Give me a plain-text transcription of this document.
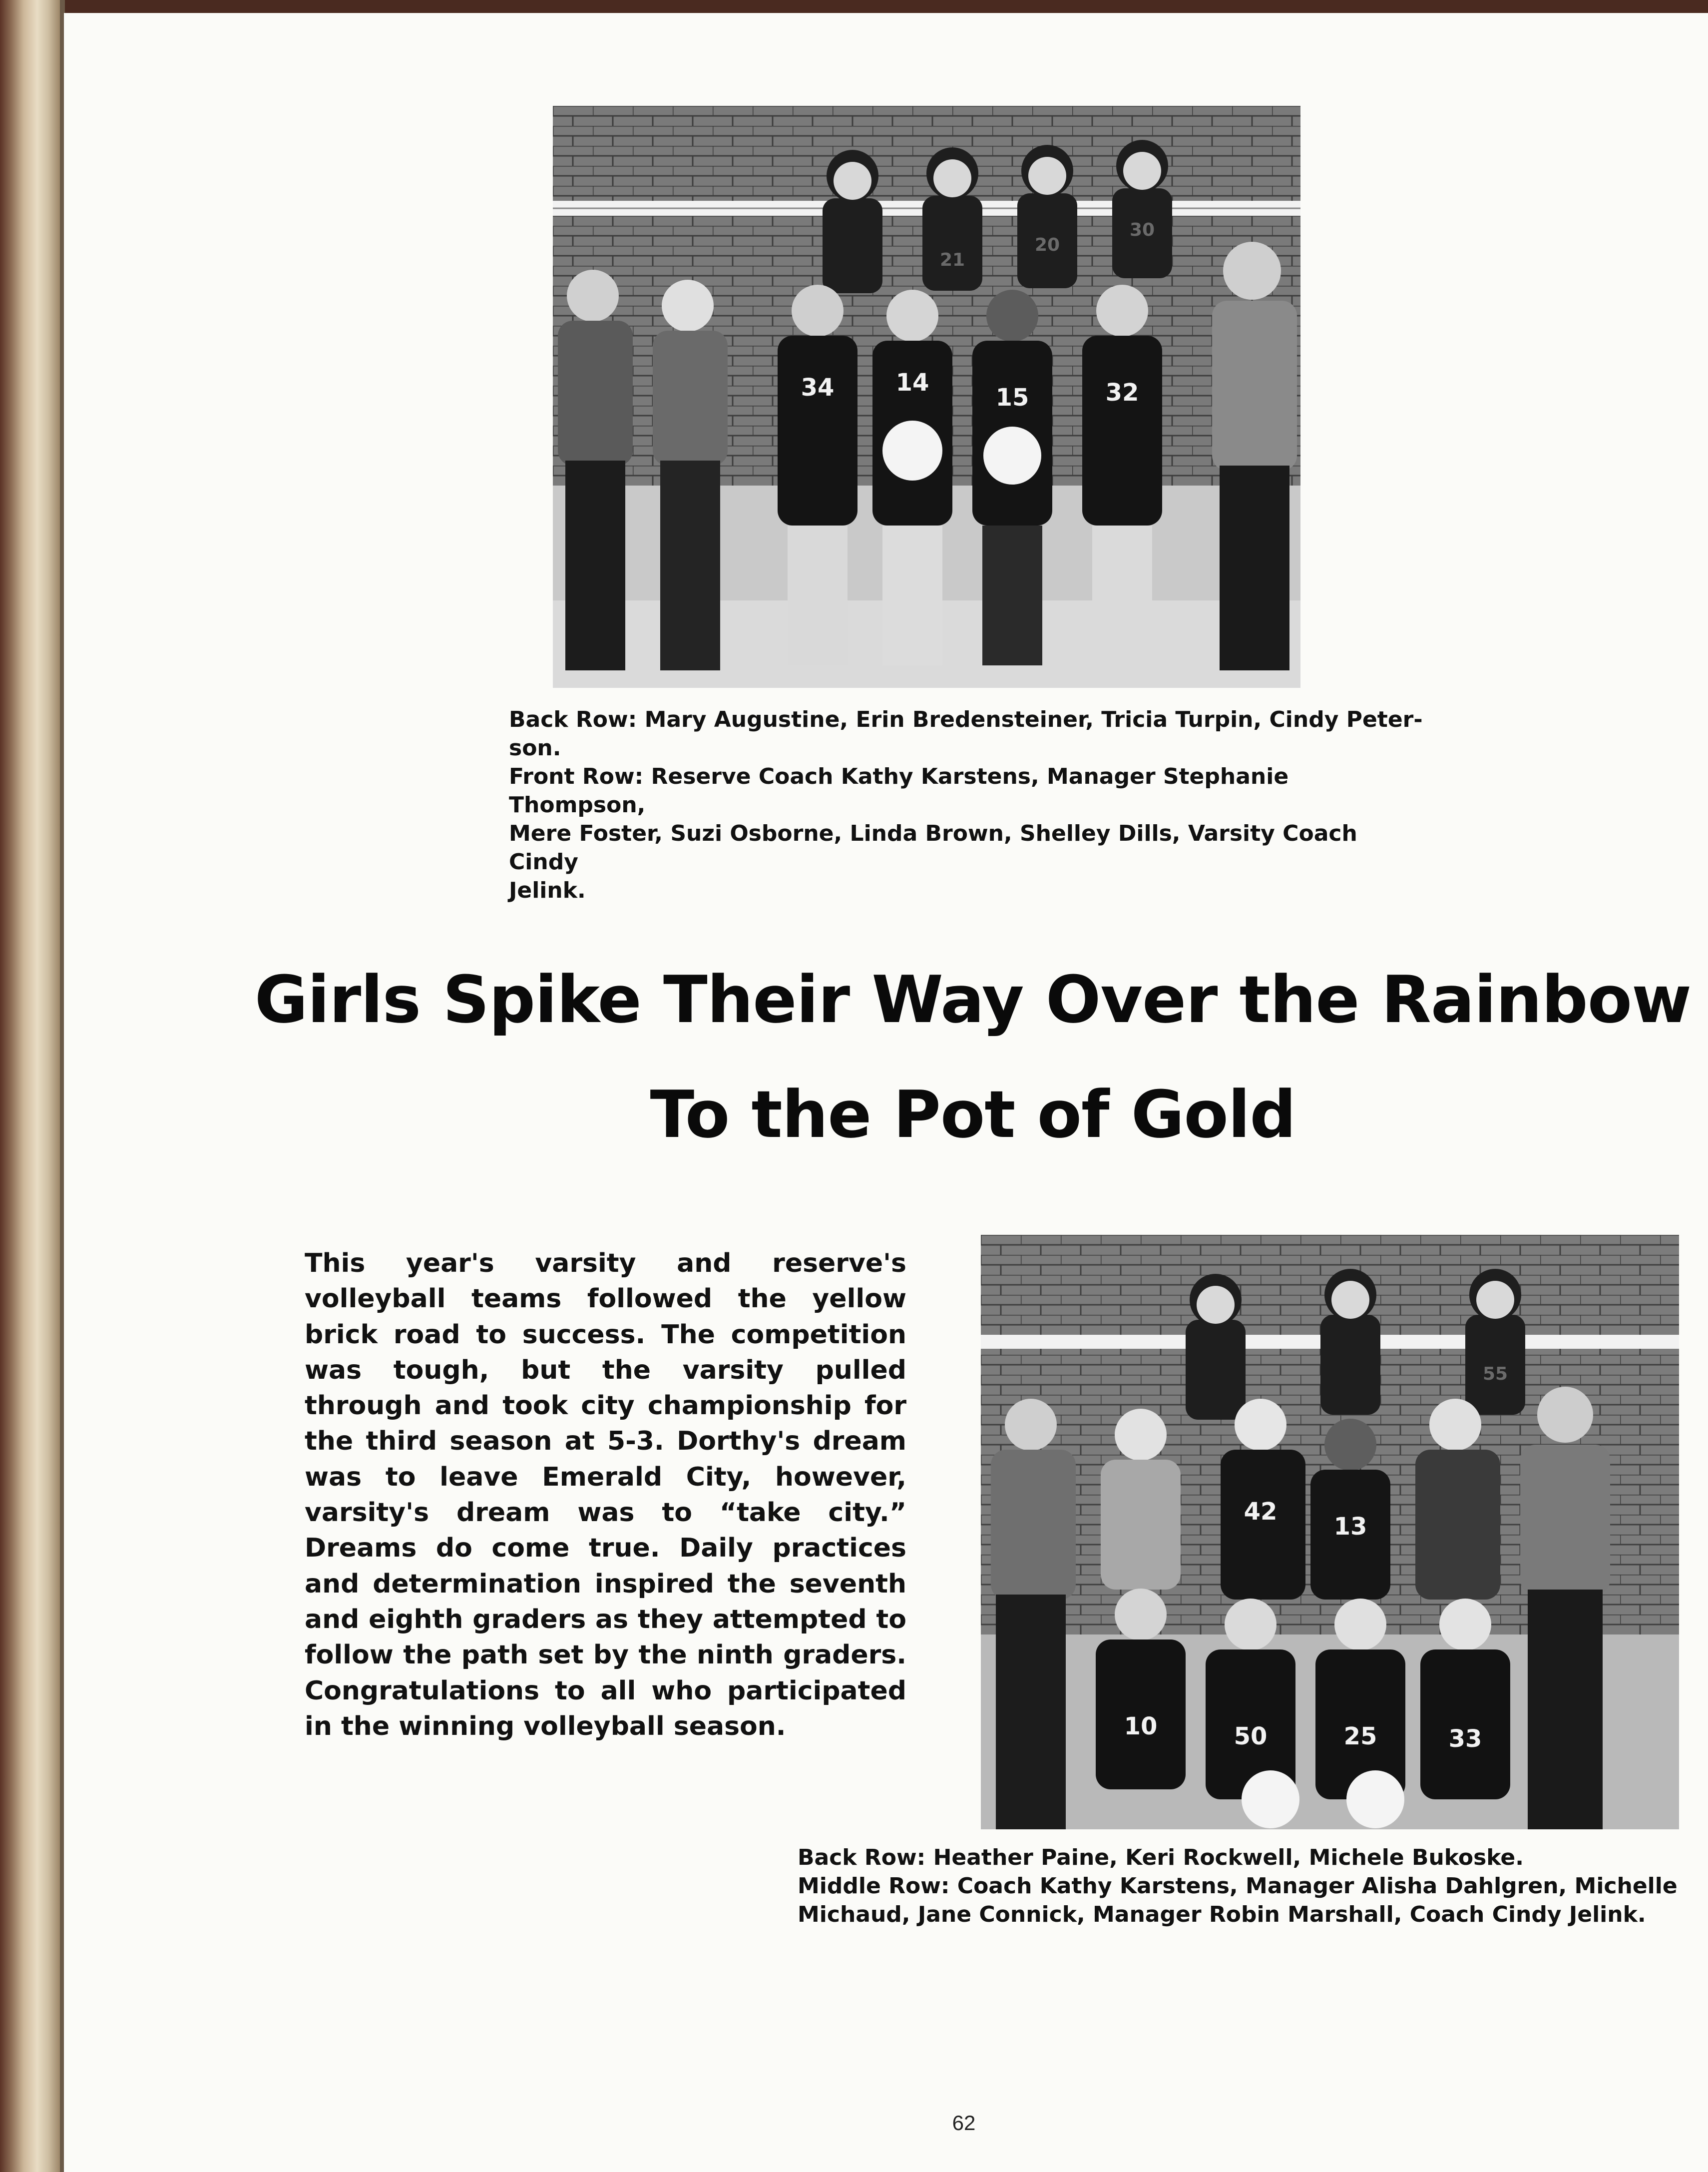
34	14
15	32
21
20
30

Back Row: Mary Augustine, Erin Bredensteiner, Tricia Turpin, Cindy Peter-

son.

Front Row: Reserve Coach Kathy Karstens, Manager Stephanie Thompson,

Mere Foster, Suzi Osborne, Linda Brown, Shelley Dills, Varsity Coach Cindy

Jelink.

Girls Spike Their Way Over the Rainbow
To the Pot of Gold
This year's varsity and reserve's volleyball teams followed the yellow brick road to success. The competition was tough, but the varsity pulled through and took city championship for the third season at 5-3. Dorthy's dream was to leave Emerald City, however, varsity's dream was to “take city.” Dreams do come true. Daily practices and determination inspired the seventh and eighth graders as they attempted to follow the path set by the ninth graders. Congratulations to all who participated in the winning volleyball season.
42
13
10	50	25	33
55

Back Row: Heather Paine, Keri Rockwell, Michele Bukoske.

Middle Row: Coach Kathy Karstens, Manager Alisha Dahlgren, Michelle

Michaud, Jane Connick, Manager Robin Marshall, Coach Cindy Jelink.

62
